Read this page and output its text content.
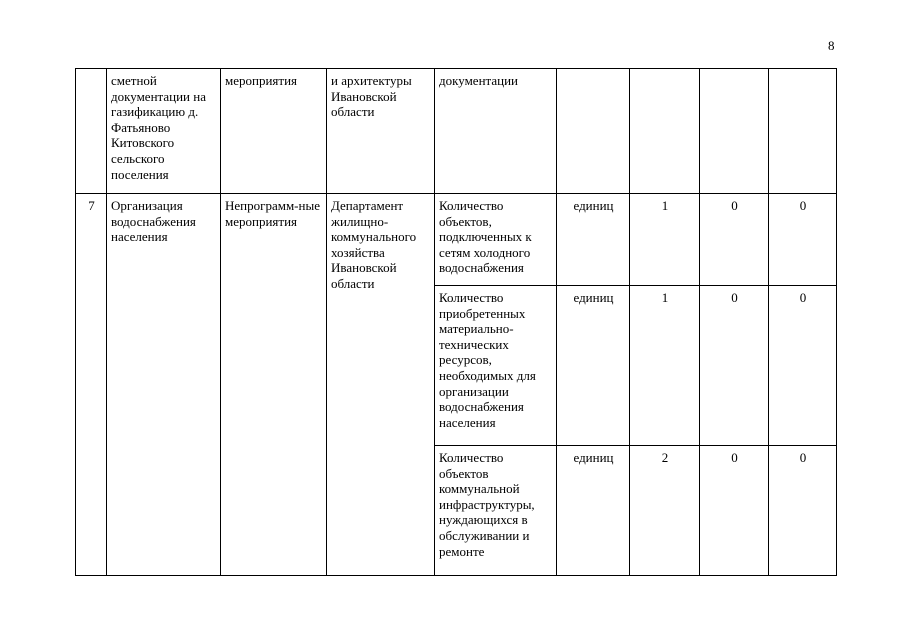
8
	сметной документации на газификацию д. Фатьяново Китовского сельского поселения	мероприятия	и архитектуры Ивановской области	документации				
7	Организация водоснабжения населения	Непрограмм-ные мероприятия	Департамент жилищно-коммунального хозяйства Ивановской области	Количество объектов, подключенных к сетям холодного водоснабжения	единиц	1	0	0
				Количество приобретенных материально-технических ресурсов, необходимых для организации водоснабжения населения	единиц	1	0	0
				Количество объектов коммунальной инфраструктуры, нуждающихся в обслуживании и ремонте	единиц	2	0	0
